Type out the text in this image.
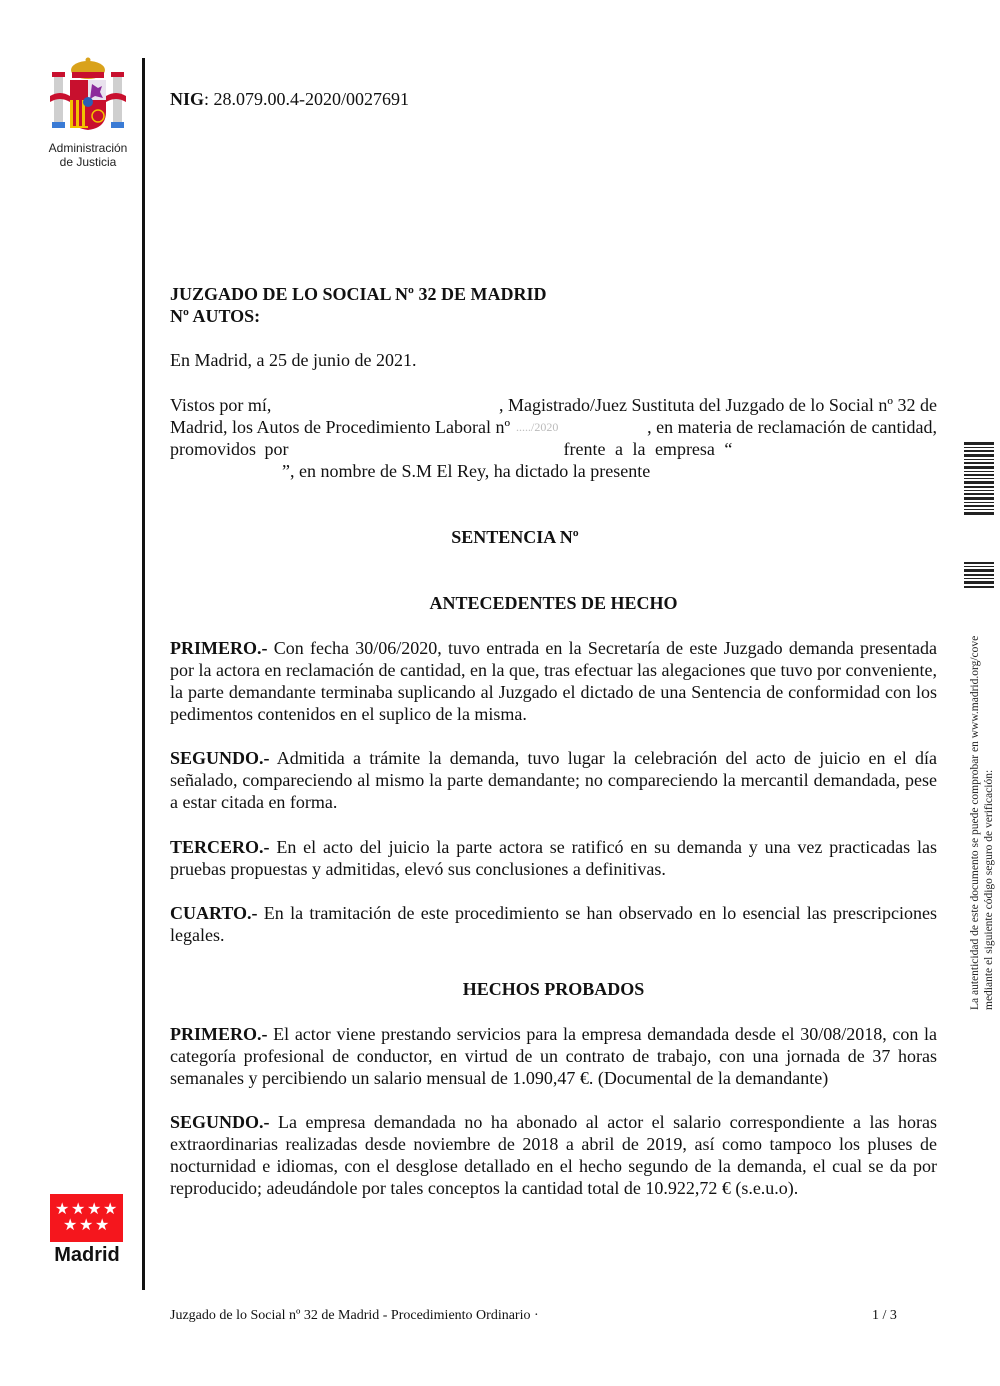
Administración
de Justicia
NIG: 28.079.00.4-2020/0027691
JUZGADO DE LO SOCIAL Nº 32 DE MADRID
Nº AUTOS:
En Madrid, a 25 de junio de 2021.
Vistos por mí,	, Magistrado/Juez Sustituta del Juzgado de lo Social nº 32 de
Madrid, los Autos de Procedimiento Laboral nº ...../2020	, en materia de reclamación de cantidad,
promovidos por	frente a la empresa “
”, en nombre de S.M El Rey, ha dictado la presente
SENTENCIA Nº
ANTECEDENTES DE HECHO
PRIMERO.- Con fecha 30/06/2020, tuvo entrada en la Secretaría de este Juzgado demanda presentada por la actora en reclamación de cantidad, en la que, tras efectuar las alegaciones que tuvo por conveniente, la parte demandante terminaba suplicando al Juzgado el dictado de una Sentencia de conformidad con los pedimentos contenidos en el suplico de la misma.
SEGUNDO.- Admitida a trámite la demanda, tuvo lugar la celebración del acto de juicio en el día señalado, compareciendo al mismo la parte demandante; no compareciendo la mercantil demandada, pese a estar citada en forma.
TERCERO.- En el acto del juicio la parte actora se ratificó en su demanda y una vez practicadas las pruebas propuestas y admitidas, elevó sus conclusiones a definitivas.
CUARTO.- En la tramitación de este procedimiento se han observado en lo esencial las prescripciones legales.
HECHOS PROBADOS
PRIMERO.- El actor viene prestando servicios para la empresa demandada desde el 30/08/2018, con la categoría profesional de conductor, en virtud de un contrato de trabajo, con una jornada de 37 horas semanales y percibiendo un salario mensual de 1.090,47 €. (Documental de la demandante)
SEGUNDO.- La empresa demandada no ha abonado al actor el salario correspondiente a las horas extraordinarias realizadas desde noviembre de 2018 a abril de 2019, así como tampoco los pluses de nocturnidad e idiomas, con el desglose detallado en el hecho segundo de la demanda, el cual se da por reproducido; adeudándole por tales conceptos la cantidad total de 10.922,72 € (s.e.u.o).
★ ★ ★ ★
★ ★ ★
Madrid
La autenticidad de este documento se puede comprobar en www.madrid.org/cove mediante el siguiente código seguro de verificación:
Juzgado de lo Social nº 32 de Madrid - Procedimiento Ordinario ·	1 / 3
